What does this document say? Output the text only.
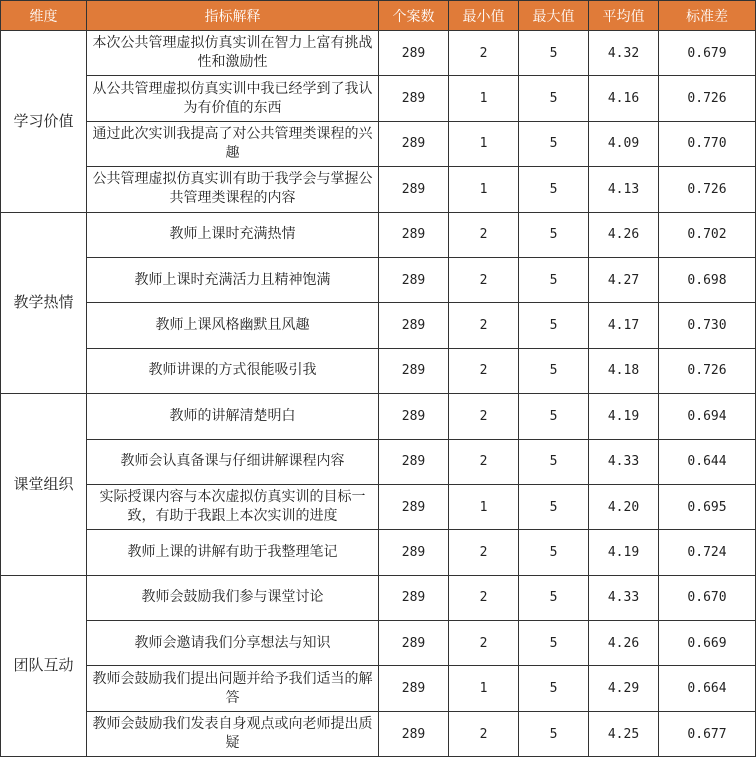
维度	指标解释	个案数	最小值	最大值	平均值	标准差
学习价值	本次公共管理虚拟仿真实训在智力上富有挑战性和激励性	289	2	5	4.32	0.679
	从公共管理虚拟仿真实训中我已经学到了我认为有价值的东西	289	1	5	4.16	0.726
	通过此次实训我提高了对公共管理类课程的兴趣	289	1	5	4.09	0.770
	公共管理虚拟仿真实训有助于我学会与掌握公共管理类课程的内容	289	1	5	4.13	0.726
教学热情	教师上课时充满热情	289	2	5	4.26	0.702
	教师上课时充满活力且精神饱满	289	2	5	4.27	0.698
	教师上课风格幽默且风趣	289	2	5	4.17	0.730
	教师讲课的方式很能吸引我	289	2	5	4.18	0.726
课堂组织	教师的讲解清楚明白	289	2	5	4.19	0.694
	教师会认真备课与仔细讲解课程内容	289	2	5	4.33	0.644
	实际授课内容与本次虚拟仿真实训的目标一致，有助于我跟上本次实训的进度	289	1	5	4.20	0.695
	教师上课的讲解有助于我整理笔记	289	2	5	4.19	0.724
团队互动	教师会鼓励我们参与课堂讨论	289	2	5	4.33	0.670
	教师会邀请我们分享想法与知识	289	2	5	4.26	0.669
	教师会鼓励我们提出问题并给予我们适当的解答	289	1	5	4.29	0.664
	教师会鼓励我们发表自身观点或向老师提出质疑	289	2	5	4.25	0.677
